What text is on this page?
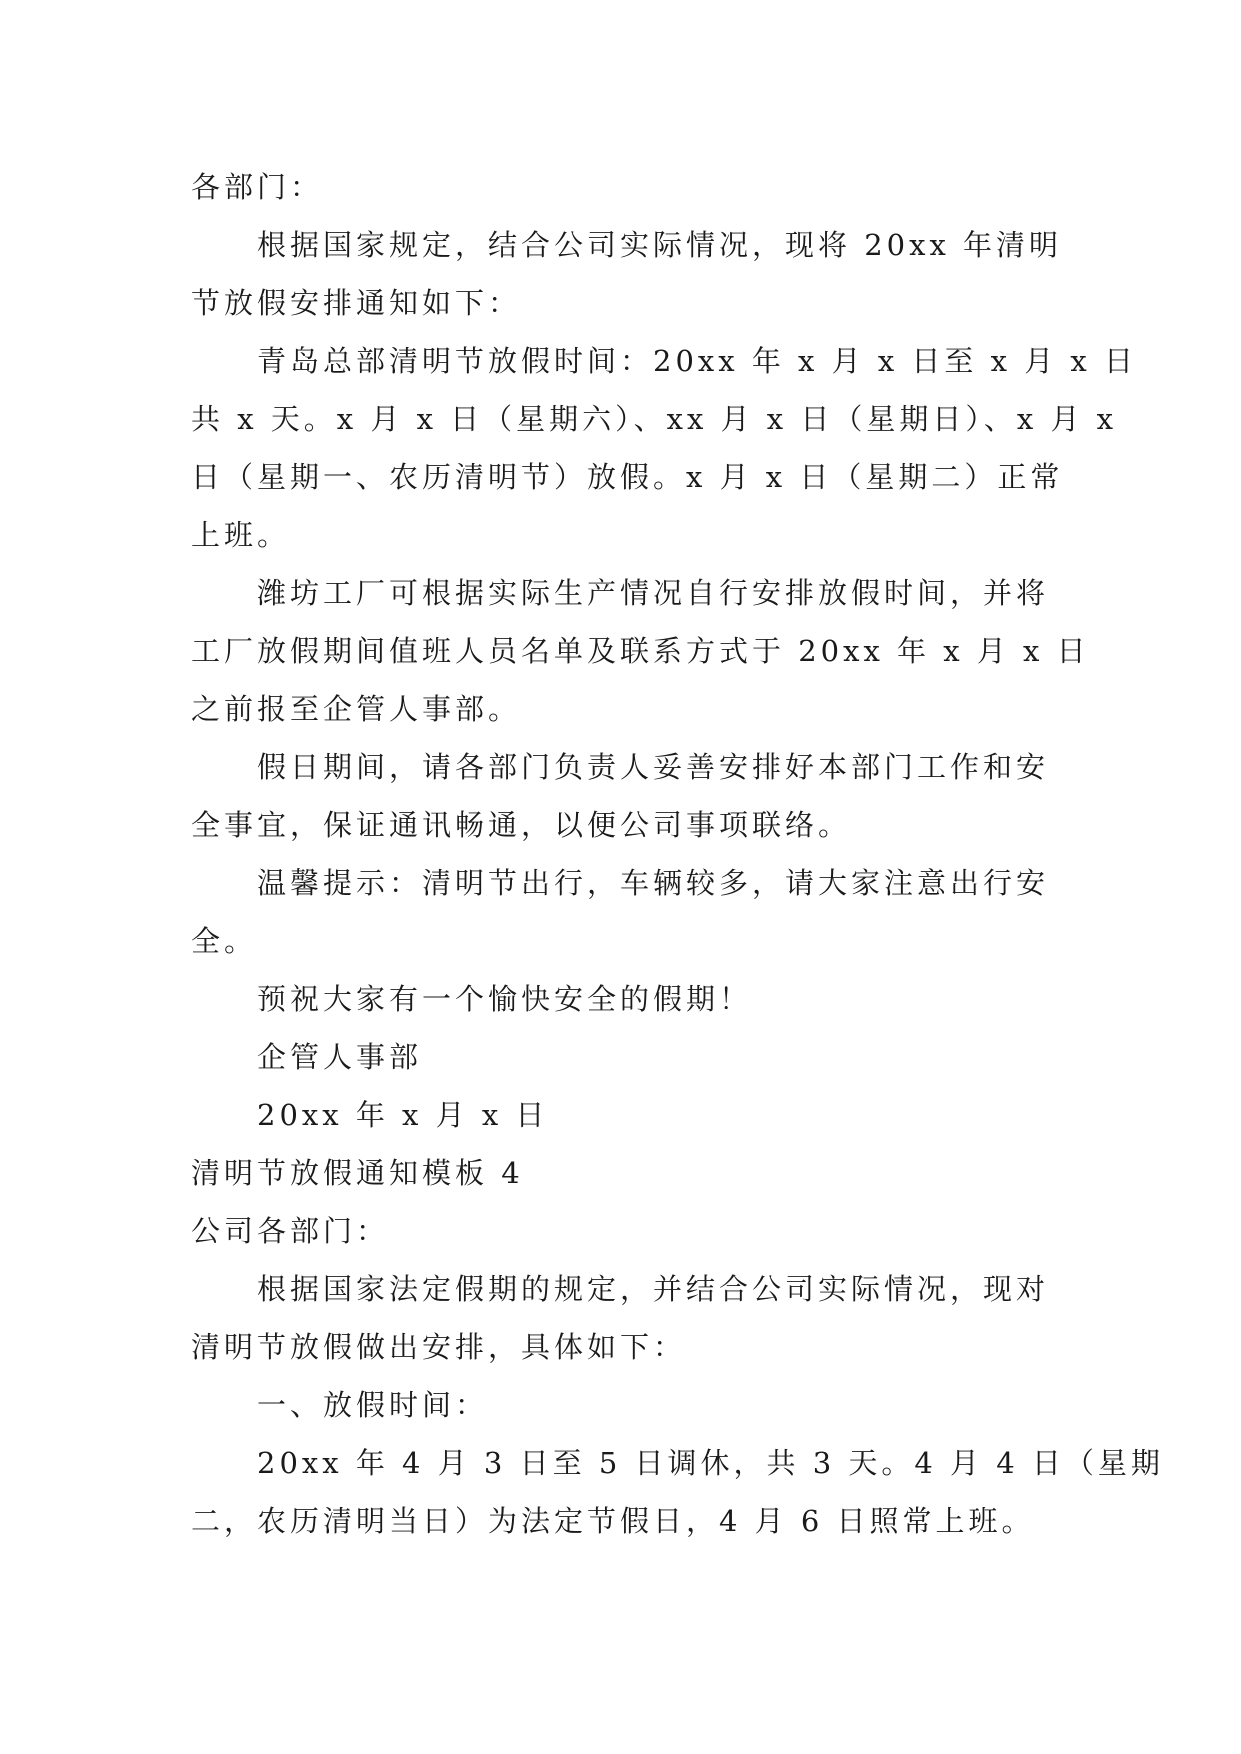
各部门：
根据国家规定，结合公司实际情况，现将 20xx 年清明
节放假安排通知如下：
青岛总部清明节放假时间：20xx 年 x 月 x 日至 x 月 x 日
共 x 天。x 月 x 日（星期六）、xx 月 x 日（星期日）、x 月 x
日（星期一、农历清明节）放假。x 月 x 日（星期二）正常
上班。
潍坊工厂可根据实际生产情况自行安排放假时间，并将
工厂放假期间值班人员名单及联系方式于 20xx 年 x 月 x 日
之前报至企管人事部。
假日期间，请各部门负责人妥善安排好本部门工作和安
全事宜，保证通讯畅通，以便公司事项联络。
温馨提示：清明节出行，车辆较多，请大家注意出行安
全。
预祝大家有一个愉快安全的假期！
企管人事部
20xx 年 x 月 x 日
清明节放假通知模板 4
公司各部门：
根据国家法定假期的规定，并结合公司实际情况，现对
清明节放假做出安排，具体如下：
一、放假时间：
20xx 年 4 月 3 日至 5 日调休，共 3 天。4 月 4 日（星期
二，农历清明当日）为法定节假日，4 月 6 日照常上班。
